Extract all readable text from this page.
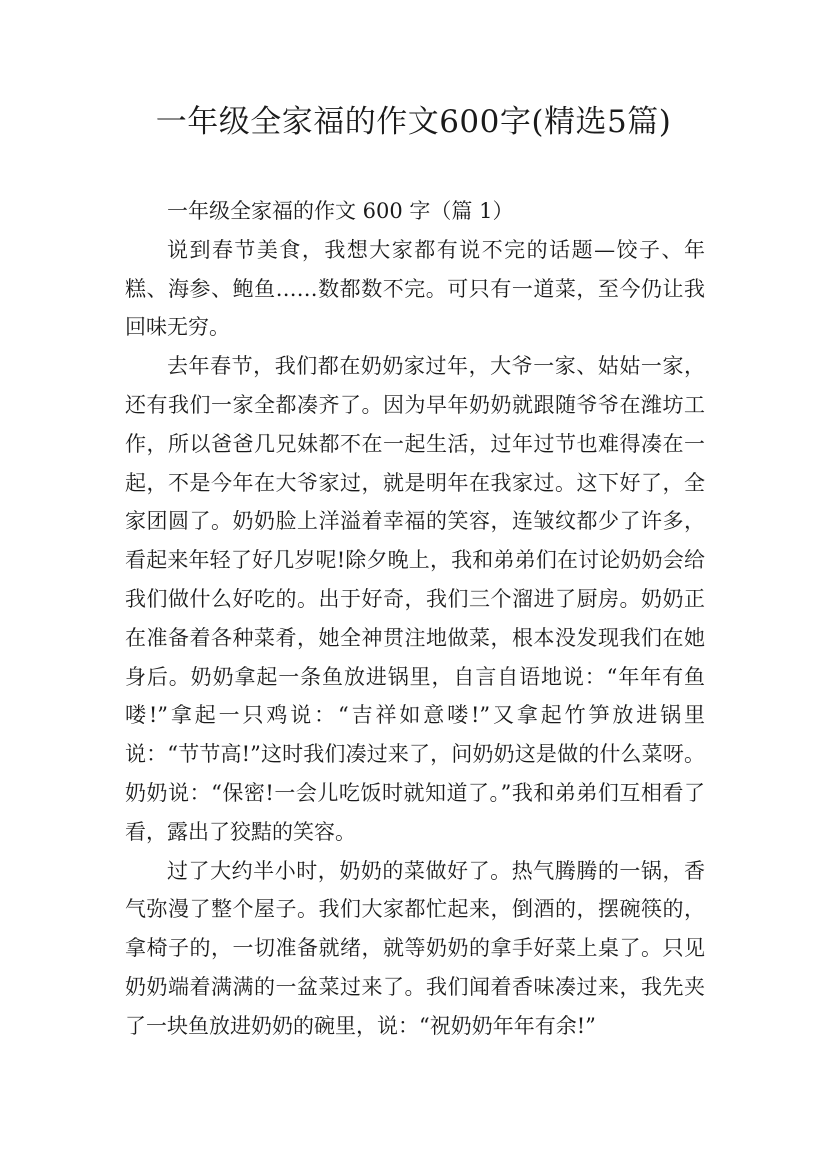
一年级全家福的作文600字(精选5篇)

一年级全家福的作文 600 字（篇 1）

说到春节美食，我想大家都有说不完的话题—饺子、年糕、海参、鲍鱼……数都数不完。可只有一道菜，至今仍让我回味无穷。

去年春节，我们都在奶奶家过年，大爷一家、姑姑一家，还有我们一家全都凑齐了。因为早年奶奶就跟随爷爷在潍坊工作，所以爸爸几兄妹都不在一起生活，过年过节也难得凑在一起，不是今年在大爷家过，就是明年在我家过。这下好了，全家团圆了。奶奶脸上洋溢着幸福的笑容，连皱纹都少了许多，看起来年轻了好几岁呢!除夕晚上，我和弟弟们在讨论奶奶会给我们做什么好吃的。出于好奇，我们三个溜进了厨房。奶奶正在准备着各种菜肴，她全神贯注地做菜，根本没发现我们在她身后。奶奶拿起一条鱼放进锅里，自言自语地说：“年年有鱼喽!”拿起一只鸡说：“吉祥如意喽!”又拿起竹笋放进锅里说：“节节高!”这时我们凑过来了，问奶奶这是做的什么菜呀。奶奶说：“保密!一会儿吃饭时就知道了。”我和弟弟们互相看了看，露出了狡黠的笑容。

过了大约半小时，奶奶的菜做好了。热气腾腾的一锅，香气弥漫了整个屋子。我们大家都忙起来，倒酒的，摆碗筷的，拿椅子的，一切准备就绪，就等奶奶的拿手好菜上桌了。只见奶奶端着满满的一盆菜过来了。我们闻着香味凑过来，我先夹了一块鱼放进奶奶的碗里，说：“祝奶奶年年有余!”
